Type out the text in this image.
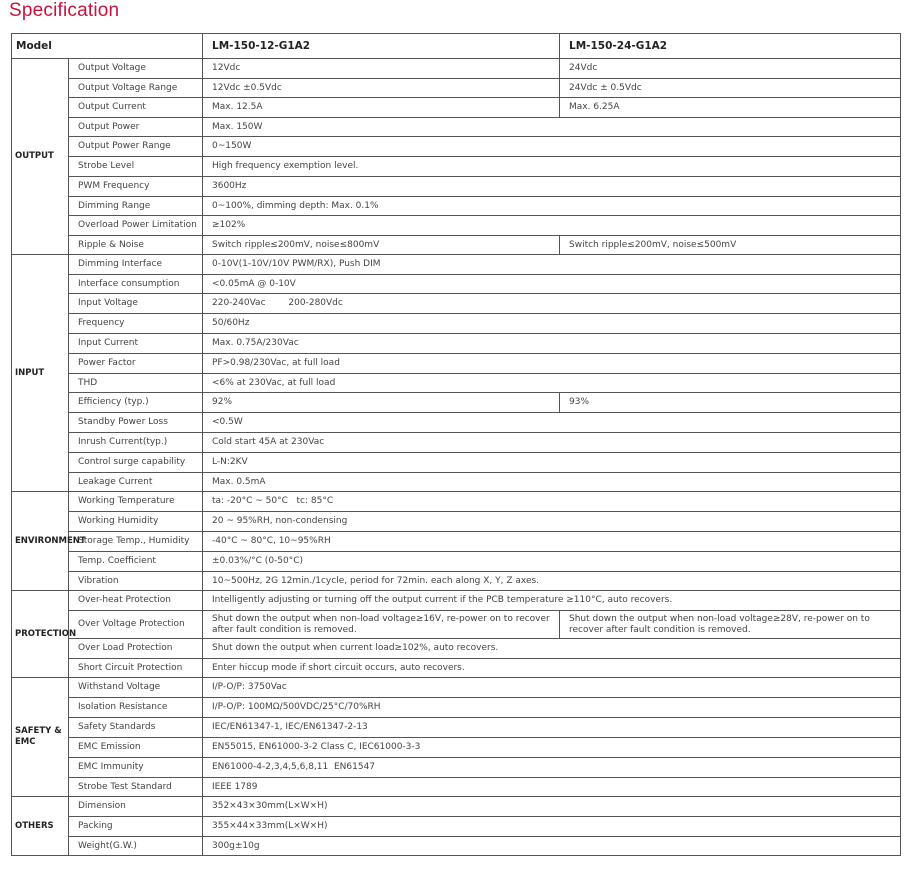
Specification
Model		LM-150-12-G1A2	LM-150-24-G1A2
OUTPUT	Output Voltage	12Vdc	24Vdc
	Output Voltage Range	12Vdc ±0.5Vdc	24Vdc ± 0.5Vdc
	Output Current	Max. 12.5A	Max. 6.25A
	Output Power	Max. 150W	
	Output Power Range	0~150W	
	Strobe Level	High frequency exemption level.	
	PWM Frequency	3600Hz	
	Dimming Range	0~100%, dimming depth: Max. 0.1%	
	Overload Power Limitation	≥102%	
	Ripple & Noise	Switch ripple≤200mV, noise≤800mV	Switch ripple≤200mV, noise≤500mV
INPUT	Dimming Interface	0-10V(1-10V/10V PWM/RX), Push DIM	
	Interface consumption	<0.05mA @ 0-10V	
	Input Voltage	220-240Vac        200-280Vdc	
	Frequency	50/60Hz	
	Input Current	Max. 0.75A/230Vac	
	Power Factor	PF>0.98/230Vac, at full load	
	THD	<6% at 230Vac, at full load	
	Efficiency (typ.)	92%	93%
	Standby Power Loss	<0.5W	
	Inrush Current(typ.)	Cold start 45A at 230Vac	
	Control surge capability	L-N:2KV	
	Leakage Current	Max. 0.5mA	
ENVIRONMENT	Working Temperature	ta: -20°C ~ 50°C   tc: 85°C	
	Working Humidity	20 ~ 95%RH, non-condensing	
	Storage Temp., Humidity	-40°C ~ 80°C, 10~95%RH	
	Temp. Coefficient	±0.03%/°C (0-50°C)	
	Vibration	10~500Hz, 2G 12min./1cycle, period for 72min. each along X, Y, Z axes.	
PROTECTION	Over-heat Protection	Intelligently adjusting or turning off the output current if the PCB temperature ≥110°C, auto recovers.	
	Over Voltage Protection	Shut down the output when non-load voltage≥16V, re-power on to recover after fault condition is removed.	Shut down the output when non-load voltage≥28V, re-power on to recover after fault condition is removed.
	Over Load Protection	Shut down the output when current load≥102%, auto recovers.	
	Short Circuit Protection	Enter hiccup mode if short circuit occurs, auto recovers.	
SAFETY & EMC	Withstand Voltage	I/P-O/P: 3750Vac	
	Isolation Resistance	I/P-O/P: 100MΩ/500VDC/25°C/70%RH	
	Safety Standards	IEC/EN61347-1, IEC/EN61347-2-13	
	EMC Emission	EN55015, EN61000-3-2 Class C, IEC61000-3-3	
	EMC Immunity	EN61000-4-2,3,4,5,6,8,11  EN61547	
	Strobe Test Standard	IEEE 1789	
OTHERS	Dimension	352×43×30mm(L×W×H)	
	Packing	355×44×33mm(L×W×H)	
	Weight(G.W.)	300g±10g	
